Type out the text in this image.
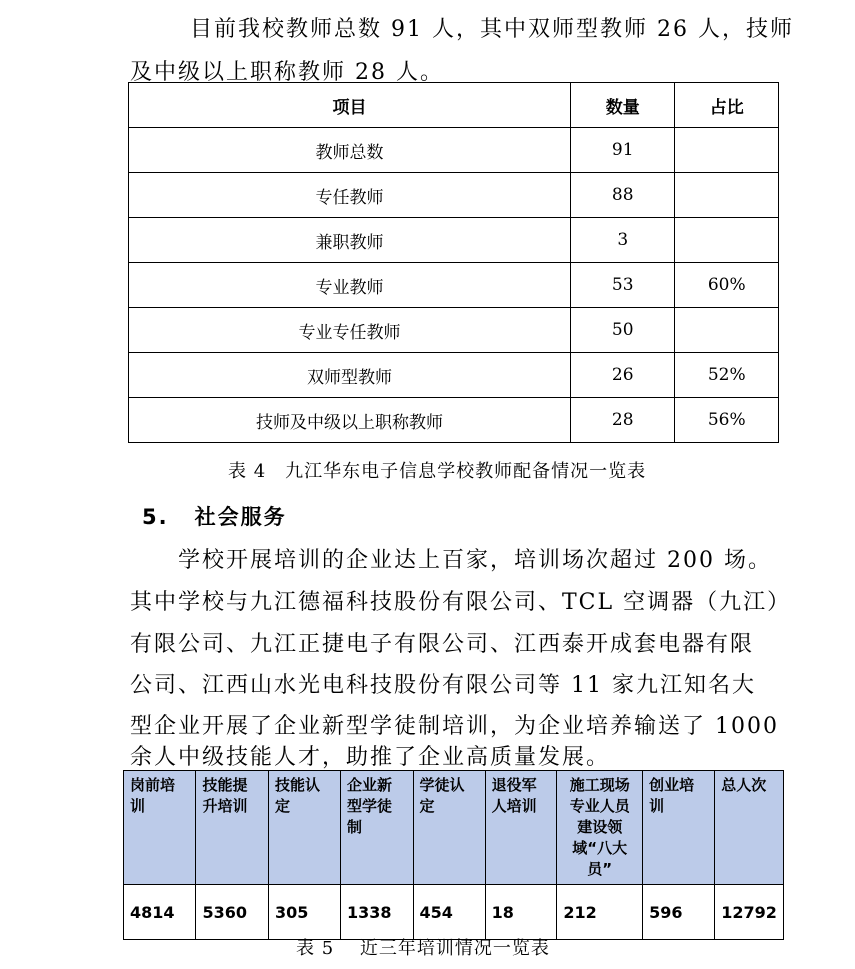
　　目前我校教师总数 91 人，其中双师型教师 26 人，技师

及中级以上职称教师 28 人。

项目	数量	占比
教师总数	91	
专任教师	88	
兼职教师	3	
专业教师	53	60%
专业专任教师	50	
双师型教师	26	52%
技师及中级以上职称教师	28	56%

表 4　九江华东电子信息学校教师配备情况一览表

5. 社会服务

　　学校开展培训的企业达上百家，培训场次超过 200 场。

其中学校与九江德福科技股份有限公司、TCL 空调器（九江）

有限公司、九江正捷电子有限公司、江西泰开成套电器有限

公司、江西山水光电科技股份有限公司等 11 家九江知名大

型企业开展了企业新型学徒制培训，为企业培养输送了 1000

余人中级技能人才，助推了企业高质量发展。

岗前培训	技能提升培训	技能认定	企业新型学徒制	学徒认定	退役军人培训	施工现场专业人员建设领域“八大员”	创业培训	总人次
4814	5360	305	1338	454	18	212	596	12792

表 5　 近三年培训情况一览表
